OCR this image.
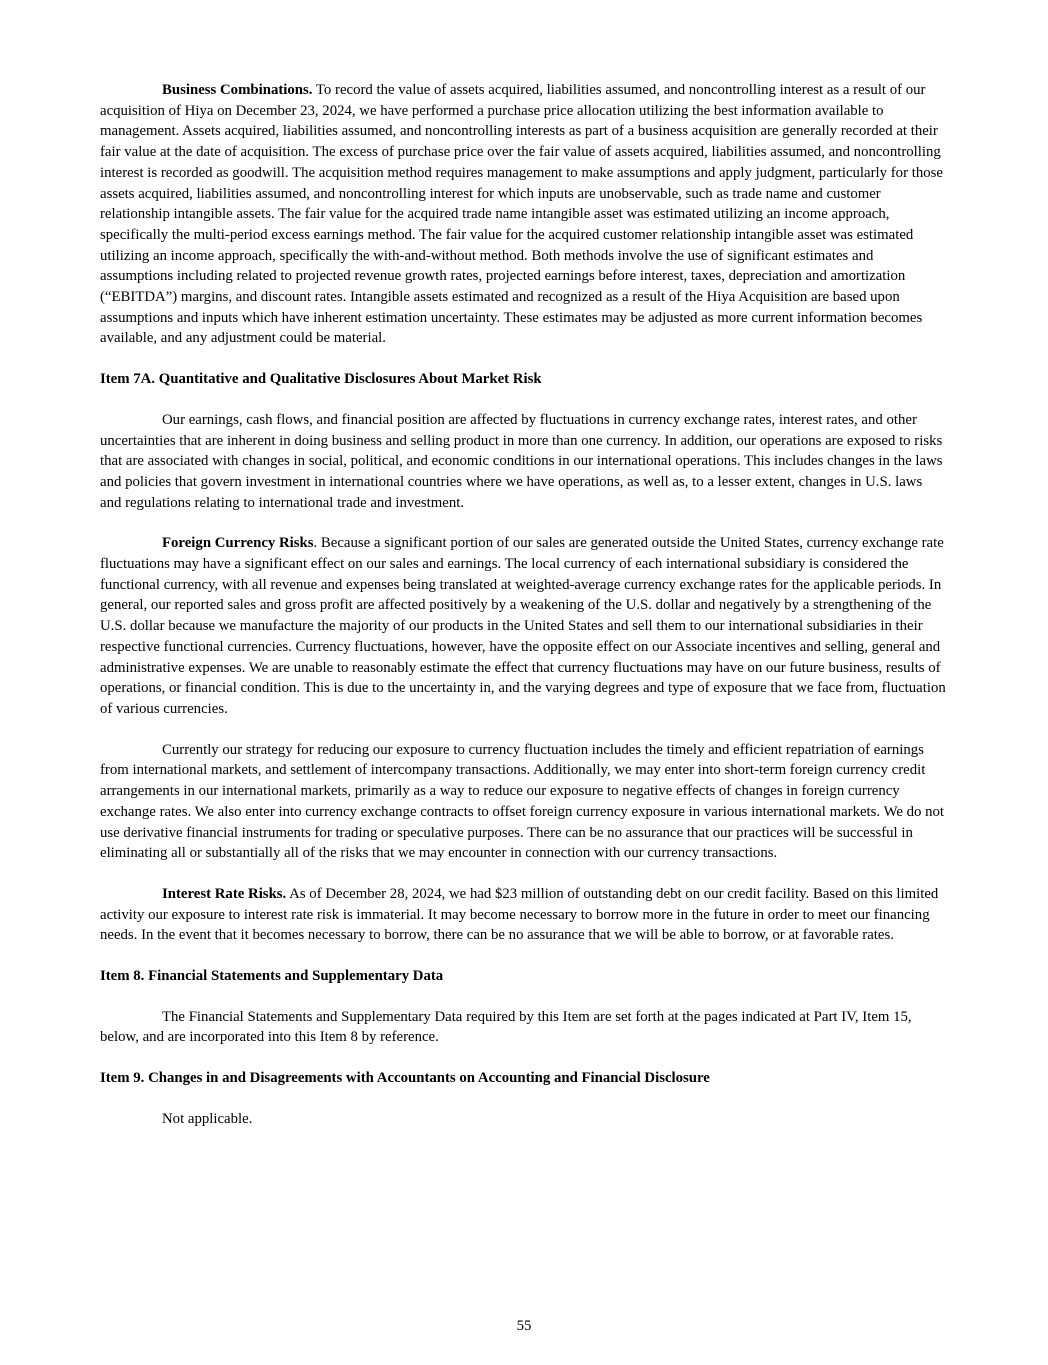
Business Combinations. To record the value of assets acquired, liabilities assumed, and noncontrolling interest as a result of our acquisition of Hiya on December 23, 2024, we have performed a purchase price allocation utilizing the best information available to management. Assets acquired, liabilities assumed, and noncontrolling interests as part of a business acquisition are generally recorded at their fair value at the date of acquisition. The excess of purchase price over the fair value of assets acquired, liabilities assumed, and noncontrolling interest is recorded as goodwill. The acquisition method requires management to make assumptions and apply judgment, particularly for those assets acquired, liabilities assumed, and noncontrolling interest for which inputs are unobservable, such as trade name and customer relationship intangible assets. The fair value for the acquired trade name intangible asset was estimated utilizing an income approach, specifically the multi-period excess earnings method. The fair value for the acquired customer relationship intangible asset was estimated utilizing an income approach, specifically the with-and-without method. Both methods involve the use of significant estimates and assumptions including related to projected revenue growth rates, projected earnings before interest, taxes, depreciation and amortization (“EBITDA”) margins, and discount rates. Intangible assets estimated and recognized as a result of the Hiya Acquisition are based upon assumptions and inputs which have inherent estimation uncertainty. These estimates may be adjusted as more current information becomes available, and any adjustment could be material.

Item 7A. Quantitative and Qualitative Disclosures About Market Risk

Our earnings, cash flows, and financial position are affected by fluctuations in currency exchange rates, interest rates, and other uncertainties that are inherent in doing business and selling product in more than one currency. In addition, our operations are exposed to risks that are associated with changes in social, political, and economic conditions in our international operations. This includes changes in the laws and policies that govern investment in international countries where we have operations, as well as, to a lesser extent, changes in U.S. laws and regulations relating to international trade and investment.

Foreign Currency Risks. Because a significant portion of our sales are generated outside the United States, currency exchange rate fluctuations may have a significant effect on our sales and earnings. The local currency of each international subsidiary is considered the functional currency, with all revenue and expenses being translated at weighted-average currency exchange rates for the applicable periods. In general, our reported sales and gross profit are affected positively by a weakening of the U.S. dollar and negatively by a strengthening of the U.S. dollar because we manufacture the majority of our products in the United States and sell them to our international subsidiaries in their respective functional currencies. Currency fluctuations, however, have the opposite effect on our Associate incentives and selling, general and administrative expenses. We are unable to reasonably estimate the effect that currency fluctuations may have on our future business, results of operations, or financial condition. This is due to the uncertainty in, and the varying degrees and type of exposure that we face from, fluctuation of various currencies.

Currently our strategy for reducing our exposure to currency fluctuation includes the timely and efficient repatriation of earnings from international markets, and settlement of intercompany transactions. Additionally, we may enter into short-term foreign currency credit arrangements in our international markets, primarily as a way to reduce our exposure to negative effects of changes in foreign currency exchange rates. We also enter into currency exchange contracts to offset foreign currency exposure in various international markets. We do not use derivative financial instruments for trading or speculative purposes. There can be no assurance that our practices will be successful in eliminating all or substantially all of the risks that we may encounter in connection with our currency transactions.

Interest Rate Risks. As of December 28, 2024, we had $23 million of outstanding debt on our credit facility. Based on this limited activity our exposure to interest rate risk is immaterial. It may become necessary to borrow more in the future in order to meet our financing needs. In the event that it becomes necessary to borrow, there can be no assurance that we will be able to borrow, or at favorable rates.

Item 8. Financial Statements and Supplementary Data

The Financial Statements and Supplementary Data required by this Item are set forth at the pages indicated at Part IV, Item 15, below, and are incorporated into this Item 8 by reference.

Item 9. Changes in and Disagreements with Accountants on Accounting and Financial Disclosure

Not applicable.

55
